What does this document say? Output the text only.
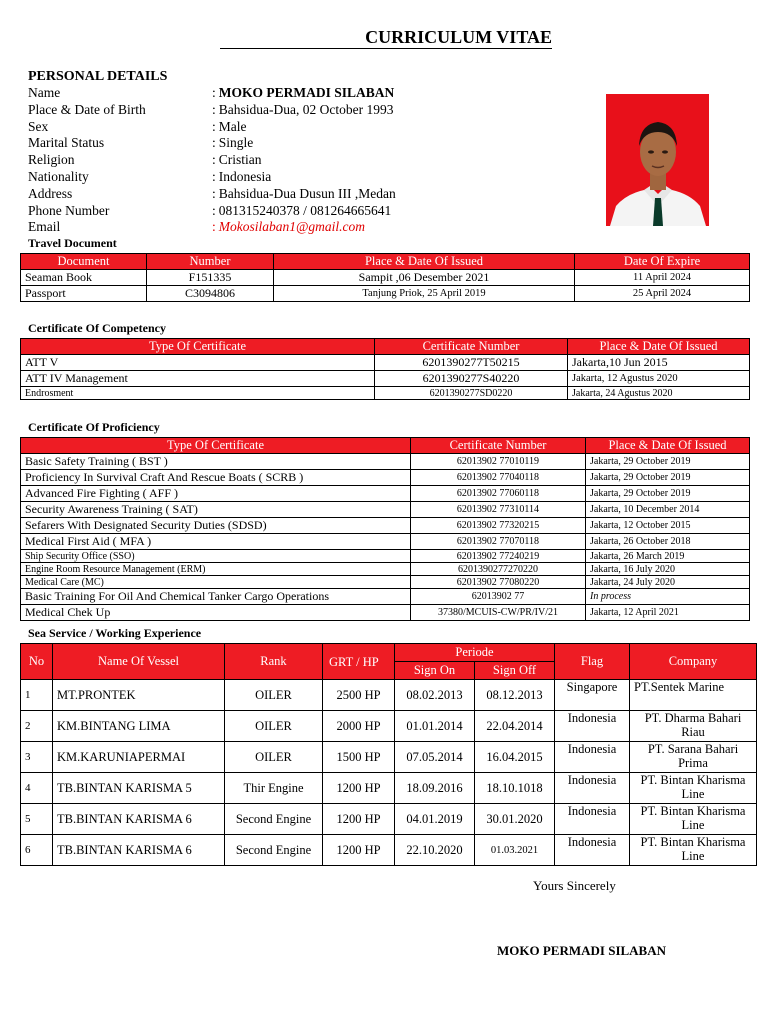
CURRICULUM VITAE
PERSONAL DETAILS
Name	: MOKO PERMADI SILABAN
Place & Date of Birth	: Bahsidua-Dua, 02 October 1993
Sex	: Male
Marital Status	: Single
Religion	: Cristian
Nationality	: Indonesia
Address	: Bahsidua-Dua Dusun III ,Medan
Phone Number	: 081315240378 / 081264665641
Email	: Mokosilaban1@gmail.com
Travel Document
Document	Number	Place & Date Of Issued	Date Of Expire
Seaman Book	F151335	Sampit ,06 Desember 2021	11 April 2024
Passport	C3094806	Tanjung Priok, 25 April 2019	25 April 2024
Certificate Of Competency
Type Of Certificate	Certificate Number	Place & Date Of Issued
ATT V	6201390277T50215	Jakarta,10 Jun 2015
ATT IV Management	6201390277S40220	Jakarta, 12 Agustus 2020
Endrosment	6201390277SD0220	Jakarta, 24 Agustus 2020
Certificate Of Proficiency
Type Of Certificate	Certificate Number	Place & Date Of Issued
Basic Safety Training ( BST )	62013902 77010119	Jakarta, 29 October 2019
Proficiency In Survival Craft And Rescue Boats ( SCRB )	62013902 77040118	Jakarta, 29 October 2019
Advanced Fire Fighting ( AFF )	62013902 77060118	Jakarta, 29 October 2019
Security Awareness Training ( SAT)	62013902 77310114	Jakarta, 10 December 2014
Sefarers With Designated Security Duties (SDSD)	62013902 77320215	Jakarta, 12 October 2015
Medical First Aid ( MFA )	62013902 77070118	Jakarta, 26 October 2018
Ship Security Office (SSO)	62013902 77240219	Jakarta, 26 March 2019
Engine Room Resource Management (ERM)	6201390277270220	Jakarta, 16 July 2020
Medical Care (MC)	62013902 77080220	Jakarta, 24 July 2020
Basic Training For Oil And Chemical Tanker Cargo Operations	62013902 77	In process
Medical Chek Up	37380/MCUIS-CW/PR/IV/21	Jakarta, 12 April 2021
Sea Service / Working Experience
No	Name Of Vessel	Rank	GRT / HP	Periode		Flag	Company
				Sign On	Sign Off		
1	MT.PRONTEK	OILER	2500 HP	08.02.2013	08.12.2013	Singapore	PT.Sentek Marine
2	KM.BINTANG LIMA	OILER	2000 HP	01.01.2014	22.04.2014	Indonesia	PT. Dharma Bahari Riau
3	KM.KARUNIAPERMAI	OILER	1500 HP	07.05.2014	16.04.2015	Indonesia	PT. Sarana Bahari Prima
4	TB.BINTAN KARISMA 5	Thir Engine	1200 HP	18.09.2016	18.10.1018	Indonesia	PT. Bintan Kharisma Line
5	TB.BINTAN KARISMA 6	Second Engine	1200 HP	04.01.2019	30.01.2020	Indonesia	PT. Bintan Kharisma Line
6	TB.BINTAN KARISMA 6	Second Engine	1200 HP	22.10.2020	01.03.2021	Indonesia	PT. Bintan Kharisma Line
Yours Sincerely
MOKO PERMADI SILABAN
